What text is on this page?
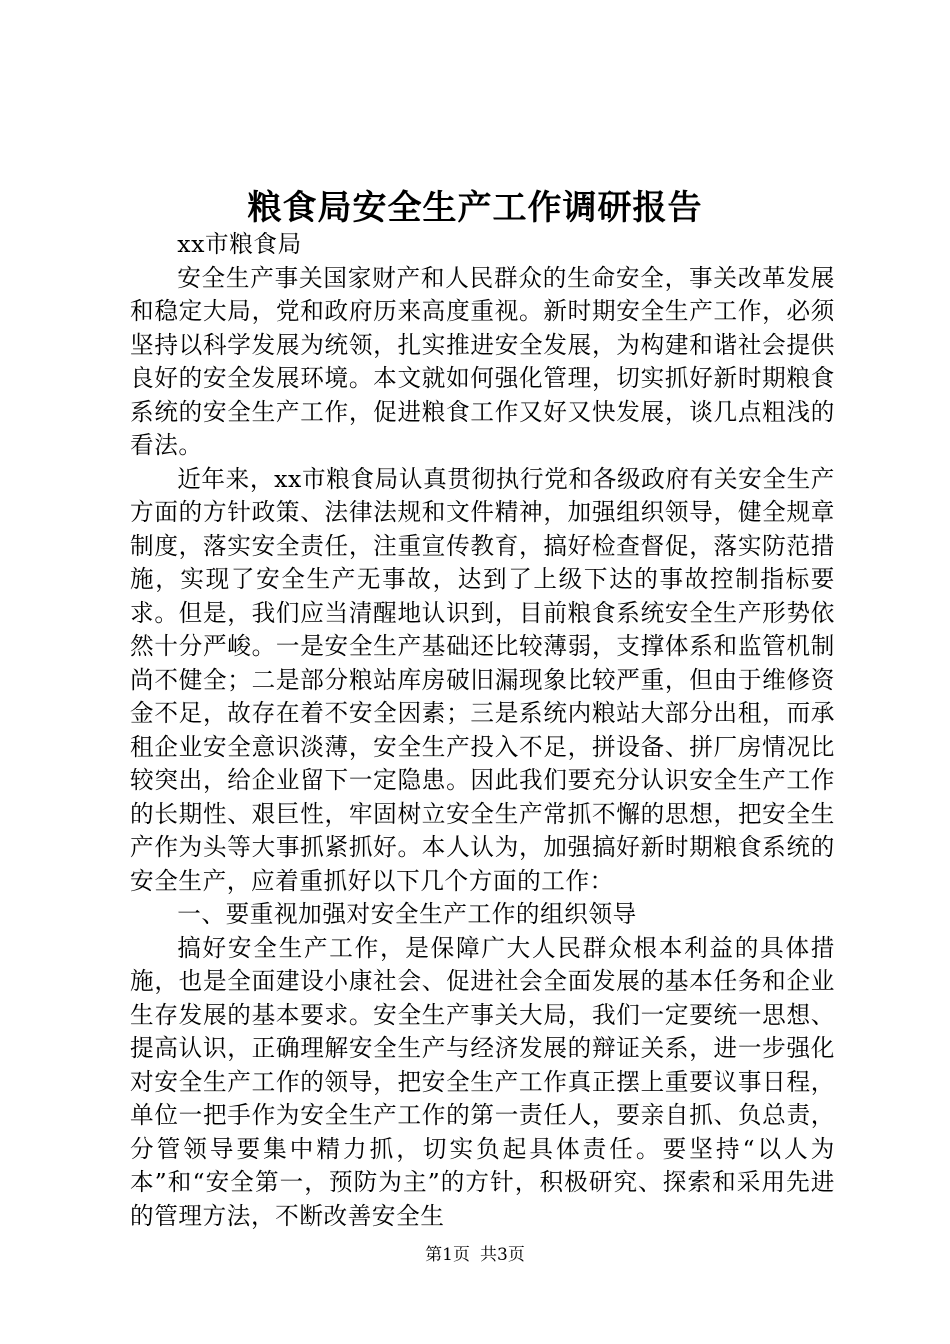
粮食局安全生产工作调研报告

xx市粮食局

安全生产事关国家财产和人民群众的生命安全，事关改革发展和稳定大局，党和政府历来高度重视。新时期安全生产工作，必须坚持以科学发展为统领，扎实推进安全发展，为构建和谐社会提供良好的安全发展环境。本文就如何强化管理，切实抓好新时期粮食系统的安全生产工作，促进粮食工作又好又快发展，谈几点粗浅的看法。

近年来，xx市粮食局认真贯彻执行党和各级政府有关安全生产方面的方针政策、法律法规和文件精神，加强组织领导，健全规章制度，落实安全责任，注重宣传教育，搞好检查督促，落实防范措施，实现了安全生产无事故，达到了上级下达的事故控制指标要求。但是，我们应当清醒地认识到，目前粮食系统安全生产形势依然十分严峻。一是安全生产基础还比较薄弱，支撑体系和监管机制尚不健全；二是部分粮站库房破旧漏现象比较严重，但由于维修资金不足，故存在着不安全因素；三是系统内粮站大部分出租，而承租企业安全意识淡薄，安全生产投入不足，拼设备、拼厂房情况比较突出，给企业留下一定隐患。因此我们要充分认识安全生产工作的长期性、艰巨性，牢固树立安全生产常抓不懈的思想，把安全生产作为头等大事抓紧抓好。本人认为，加强搞好新时期粮食系统的安全生产，应着重抓好以下几个方面的工作：

一、要重视加强对安全生产工作的组织领导

搞好安全生产工作，是保障广大人民群众根本利益的具体措施，也是全面建设小康社会、促进社会全面发展的基本任务和企业生存发展的基本要求。安全生产事关大局，我们一定要统一思想、提高认识，正确理解安全生产与经济发展的辩证关系，进一步强化对安全生产工作的领导，把安全生产工作真正摆上重要议事日程，单位一把手作为安全生产工作的第一责任人，要亲自抓、负总责，分管领导要集中精力抓，切实负起具体责任。要坚持“以人为本”和“安全第一，预防为主”的方针，积极研究、探索和采用先进的管理方法，不断改善安全生

第1页 共3页
